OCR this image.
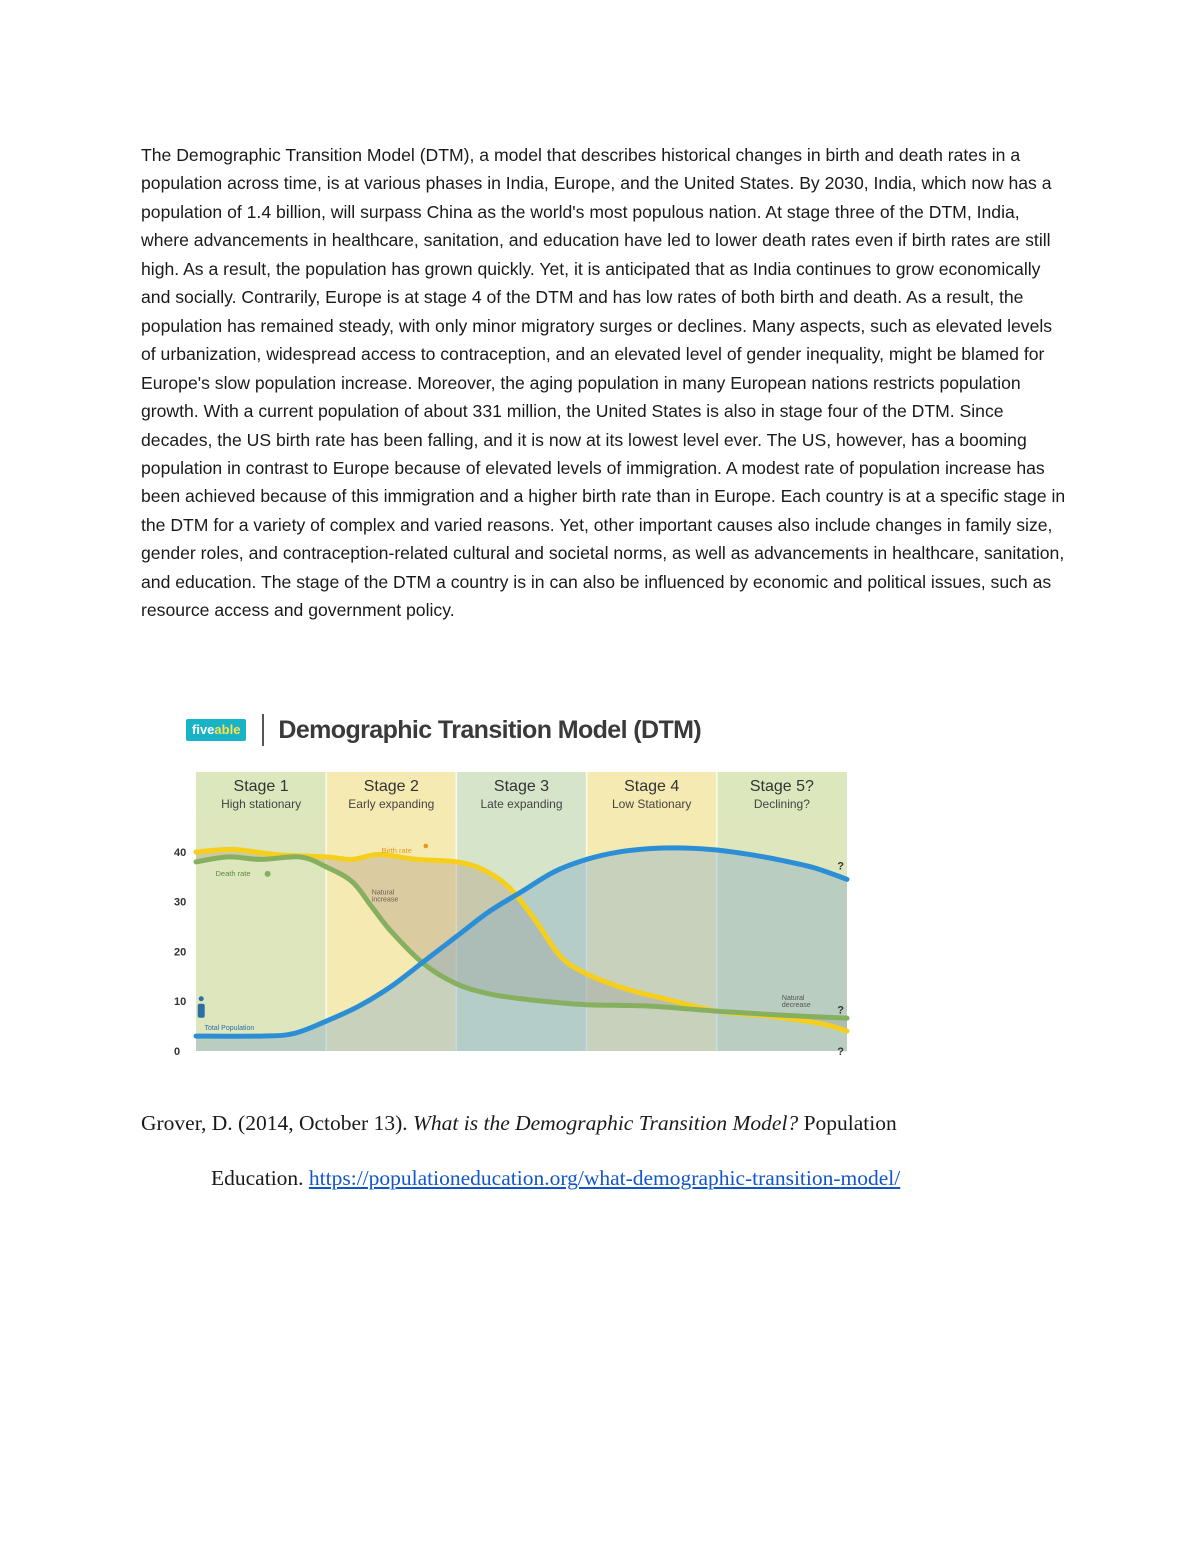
The Demographic Transition Model (DTM), a model that describes historical changes in birth and death rates in a population across time, is at various phases in India, Europe, and the United States. By 2030, India, which now has a population of 1.4 billion, will surpass China as the world's most populous nation. At stage three of the DTM, India, where advancements in healthcare, sanitation, and education have led to lower death rates even if birth rates are still high. As a result, the population has grown quickly. Yet, it is anticipated that as India continues to grow economically and socially. Contrarily, Europe is at stage 4 of the DTM and has low rates of both birth and death. As a result, the population has remained steady, with only minor migratory surges or declines. Many aspects, such as elevated levels of urbanization, widespread access to contraception, and an elevated level of gender inequality, might be blamed for Europe's slow population increase. Moreover, the aging population in many European nations restricts population growth. With a current population of about 331 million, the United States is also in stage four of the DTM. Since decades, the US birth rate has been falling, and it is now at its lowest level ever. The US, however, has a booming population in contrast to Europe because of elevated levels of immigration. A modest rate of population increase has been achieved because of this immigration and a higher birth rate than in Europe. Each country is at a specific stage in the DTM for a variety of complex and varied reasons. Yet, other important causes also include changes in family size, gender roles, and contraception-related cultural and societal norms, as well as advancements in healthcare, sanitation, and education. The stage of the DTM a country is in can also be influenced by economic and political issues, such as resource access and government policy.

fiveable Demographic Transition Model (DTM)
Stage 1
High stationary
Stage 2
Early expanding
Stage 3
Late expanding
Stage 4
Low Stationary
Stage 5?
Declining?
0
10
20
30
40	Birth rate
Death rate
Natural
increase
Natural
decrease
Total Population
?
?
?

Grover, D. (2014, October 13). What is the Demographic Transition Model? Population
Education. https://populationeducation.org/what-demographic-transition-model/
